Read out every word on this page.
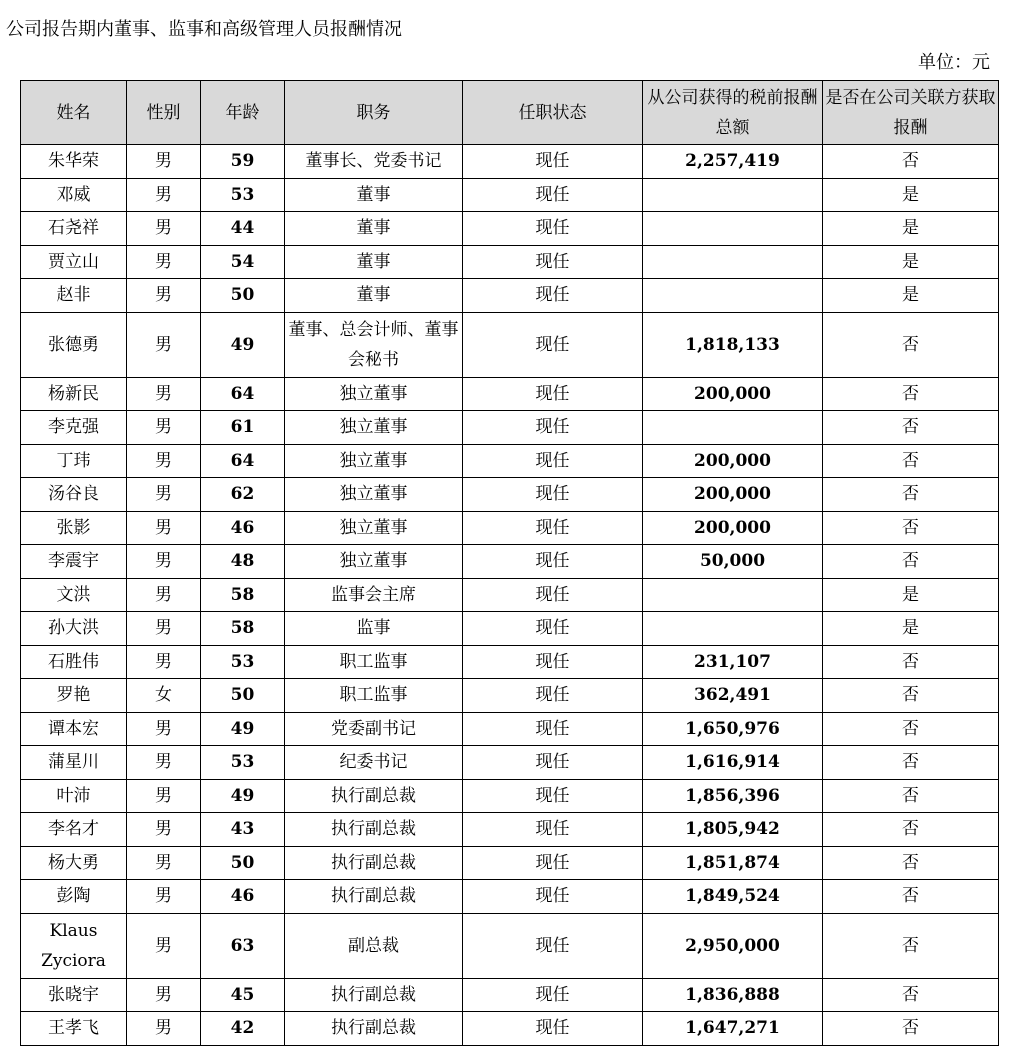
公司报告期内董事、监事和高级管理人员报酬情况
单位：元
姓名	性别	年龄	职务	任职状态	从公司获得的税前报酬总额	是否在公司关联方获取报酬
朱华荣	男	59	董事长、党委书记	现任	2,257,419	否
邓威	男	53	董事	现任		是
石尧祥	男	44	董事	现任		是
贾立山	男	54	董事	现任		是
赵非	男	50	董事	现任		是
张德勇	男	49	董事、总会计师、董事会秘书	现任	1,818,133	否
杨新民	男	64	独立董事	现任	200,000	否
李克强	男	61	独立董事	现任		否
丁玮	男	64	独立董事	现任	200,000	否
汤谷良	男	62	独立董事	现任	200,000	否
张影	男	46	独立董事	现任	200,000	否
李震宇	男	48	独立董事	现任	50,000	否
文洪	男	58	监事会主席	现任		是
孙大洪	男	58	监事	现任		是
石胜伟	男	53	职工监事	现任	231,107	否
罗艳	女	50	职工监事	现任	362,491	否
谭本宏	男	49	党委副书记	现任	1,650,976	否
蒲星川	男	53	纪委书记	现任	1,616,914	否
叶沛	男	49	执行副总裁	现任	1,856,396	否
李名才	男	43	执行副总裁	现任	1,805,942	否
杨大勇	男	50	执行副总裁	现任	1,851,874	否
彭陶	男	46	执行副总裁	现任	1,849,524	否
Klaus Zyciora	男	63	副总裁	现任	2,950,000	否
张晓宇	男	45	执行副总裁	现任	1,836,888	否
王孝飞	男	42	执行副总裁	现任	1,647,271	否
